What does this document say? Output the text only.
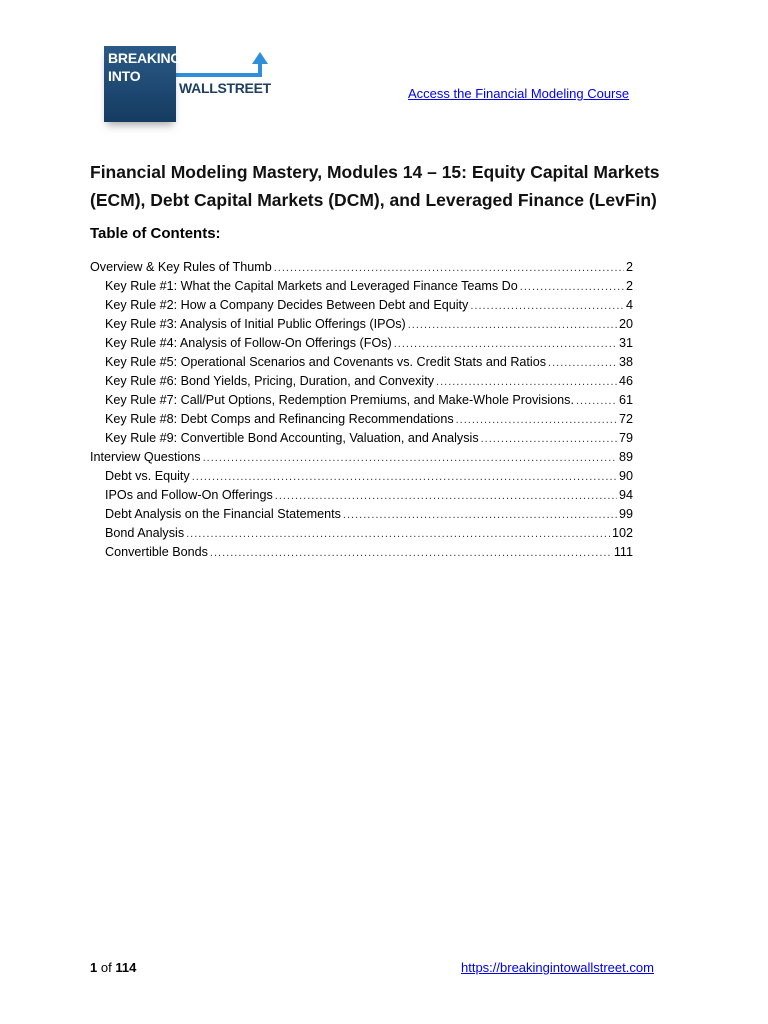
BREAKING
INTO
WALLSTREET	Access the Financial Modeling Course
Financial Modeling Mastery, Modules 14 – 15: Equity Capital Markets (ECM), Debt Capital Markets (DCM), and Leveraged Finance (LevFin)
Table of Contents:
Overview & Key Rules of Thumb .....	2
Key Rule #1: What the Capital Markets and Leveraged Finance Teams Do .....	2
Key Rule #2: How a Company Decides Between Debt and Equity .....	4
Key Rule #3: Analysis of Initial Public Offerings (IPOs) .....	20
Key Rule #4: Analysis of Follow-On Offerings (FOs) .....	31
Key Rule #5: Operational Scenarios and Covenants vs. Credit Stats and Ratios .....	38
Key Rule #6: Bond Yields, Pricing, Duration, and Convexity .....	46
Key Rule #7: Call/Put Options, Redemption Premiums, and Make-Whole Provisions. .....	61
Key Rule #8: Debt Comps and Refinancing Recommendations .....	72
Key Rule #9: Convertible Bond Accounting, Valuation, and Analysis .....	79
Interview Questions .....	89
Debt vs. Equity .....	90
IPOs and Follow-On Offerings .....	94
Debt Analysis on the Financial Statements .....	99
Bond Analysis .....	102
Convertible Bonds .....	111
1 of 114	https://breakingintowallstreet.com
